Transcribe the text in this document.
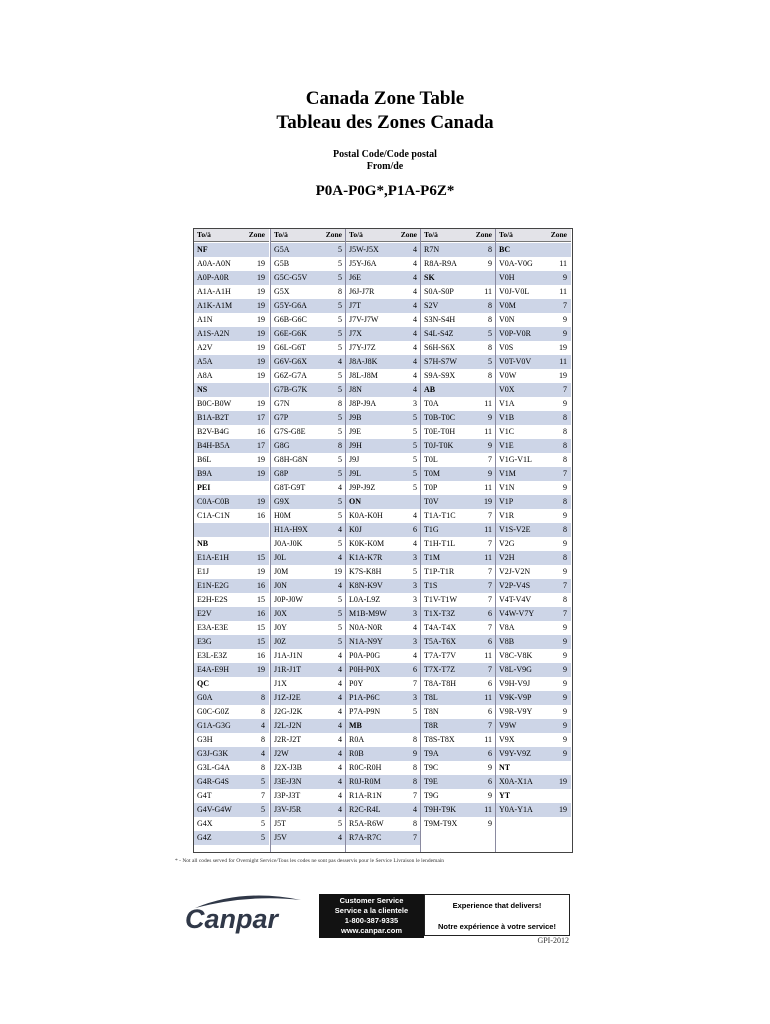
Canada Zone Table
Tableau des Zones Canada
Postal Code/Code postal
From/de
P0A-P0G*,P1A-P6Z*
To/à	Zone
NF
A0A-A0N	19
A0P-A0R	19
A1A-A1H	19
A1K-A1M	19
A1N	19
A1S-A2N	19
A2V	19
A5A	19
A8A	19
NS
B0C-B0W	19
B1A-B2T	17
B2V-B4G	16
B4H-B5A	17
B6L	19
B9A	19
PEI
C0A-C0B	19
C1A-C1N	16
NB
E1A-E1H	15
E1J	19
E1N-E2G	16
E2H-E2S	15
E2V	16
E3A-E3E	15
E3G	15
E3L-E3Z	16
E4A-E9H	19
QC
G0A	8
G0C-G0Z	8
G1A-G3G	4
G3H	8
G3J-G3K	4
G3L-G4A	8
G4R-G4S	5
G4T	7
G4V-G4W	5
G4X	5
G4Z	5
To/à	Zone
G5A	5
G5B	5
G5C-G5V	5
G5X	8
G5Y-G6A	5
G6B-G6C	5
G6E-G6K	5
G6L-G6T	5
G6V-G6X	4
G6Z-G7A	5
G7B-G7K	5
G7N	8
G7P	5
G7S-G8E	5
G8G	8
G8H-G8N	5
G8P	5
G8T-G9T	4
G9X	5
H0M	5
H1A-H9X	4
J0A-J0K	5
J0L	4
J0M	19
J0N	4
J0P-J0W	5
J0X	5
J0Y	5
J0Z	5
J1A-J1N	4
J1R-J1T	4
J1X	4
J1Z-J2E	4
J2G-J2K	4
J2L-J2N	4
J2R-J2T	4
J2W	4
J2X-J3B	4
J3E-J3N	4
J3P-J3T	4
J3V-J5R	4
J5T	5
J5V	4
To/à	Zone
J5W-J5X	4
J5Y-J6A	4
J6E	4
J6J-J7R	4
J7T	4
J7V-J7W	4
J7X	4
J7Y-J7Z	4
J8A-J8K	4
J8L-J8M	4
J8N	4
J8P-J9A	3
J9B	5
J9E	5
J9H	5
J9J	5
J9L	5
J9P-J9Z	5
ON
K0A-K0H	4
K0J	6
K0K-K0M	4
K1A-K7R	3
K7S-K8H	5
K8N-K9V	3
L0A-L9Z	3
M1B-M9W	3
N0A-N0R	4
N1A-N9Y	3
P0A-P0G	4
P0H-P0X	6
P0Y	7
P1A-P6C	3
P7A-P9N	5
MB
R0A	8
R0B	9
R0C-R0H	8
R0J-R0M	8
R1A-R1N	7
R2C-R4L	4
R5A-R6W	8
R7A-R7C	7
To/à	Zone
R7N	8
R8A-R9A	9
SK
S0A-S0P	11
S2V	8
S3N-S4H	8
S4L-S4Z	5
S6H-S6X	8
S7H-S7W	5
S9A-S9X	8
AB
T0A	11
T0B-T0C	9
T0E-T0H	11
T0J-T0K	9
T0L	7
T0M	9
T0P	11
T0V	19
T1A-T1C	7
T1G	11
T1H-T1L	7
T1M	11
T1P-T1R	7
T1S	7
T1V-T1W	7
T1X-T3Z	6
T4A-T4X	7
T5A-T6X	6
T7A-T7V	11
T7X-T7Z	7
T8A-T8H	6
T8L	11
T8N	6
T8R	7
T8S-T8X	11
T9A	6
T9C	9
T9E	6
T9G	9
T9H-T9K	11
T9M-T9X	9
To/à	Zone
BC
V0A-V0G	11
V0H	9
V0J-V0L	11
V0M	7
V0N	9
V0P-V0R	9
V0S	19
V0T-V0V	11
V0W	19
V0X	7
V1A	9
V1B	8
V1C	8
V1E	8
V1G-V1L	8
V1M	7
V1N	9
V1P	8
V1R	9
V1S-V2E	8
V2G	9
V2H	8
V2J-V2N	9
V2P-V4S	7
V4T-V4V	8
V4W-V7Y	7
V8A	9
V8B	9
V8C-V8K	9
V8L-V9G	9
V9H-V9J	9
V9K-V9P	9
V9R-V9Y	9
V9W	9
V9X	9
V9Y-V9Z	9
NT
X0A-X1A	19
YT
Y0A-Y1A	19
* - Not all codes served for Overnight Service/Tous les codes ne sont pas desservis pour le Service Livraison le lendemain
Canpar
Customer Service
Service a la clientele
1-800-387-9335
www.canpar.com
Experience that delivers!
Notre expérience à votre service!
GPI-2012
